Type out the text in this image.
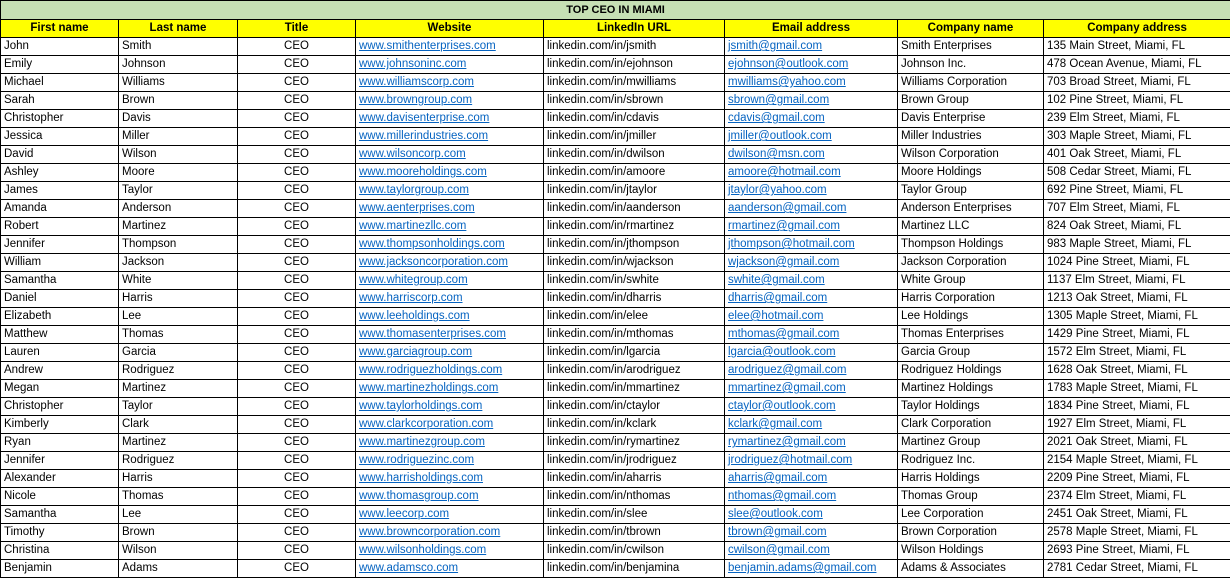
TOP CEO IN MIAMI							
First name	Last name	Title	Website	LinkedIn URL	Email address	Company name	Company address
John	Smith	CEO	www.smithenterprises.com	linkedin.com/in/jsmith	jsmith@gmail.com	Smith Enterprises	135 Main Street, Miami, FL
Emily	Johnson	CEO	www.johnsoninc.com	linkedin.com/in/ejohnson	ejohnson@outlook.com	Johnson Inc.	478 Ocean Avenue, Miami, FL
Michael	Williams	CEO	www.williamscorp.com	linkedin.com/in/mwilliams	mwilliams@yahoo.com	Williams Corporation	703 Broad Street, Miami, FL
Sarah	Brown	CEO	www.browngroup.com	linkedin.com/in/sbrown	sbrown@gmail.com	Brown Group	102 Pine Street, Miami, FL
Christopher	Davis	CEO	www.davisenterprise.com	linkedin.com/in/cdavis	cdavis@gmail.com	Davis Enterprise	239 Elm Street, Miami, FL
Jessica	Miller	CEO	www.millerindustries.com	linkedin.com/in/jmiller	jmiller@outlook.com	Miller Industries	303 Maple Street, Miami, FL
David	Wilson	CEO	www.wilsoncorp.com	linkedin.com/in/dwilson	dwilson@msn.com	Wilson Corporation	401 Oak Street, Miami, FL
Ashley	Moore	CEO	www.mooreholdings.com	linkedin.com/in/amoore	amoore@hotmail.com	Moore Holdings	508 Cedar Street, Miami, FL
James	Taylor	CEO	www.taylorgroup.com	linkedin.com/in/jtaylor	jtaylor@yahoo.com	Taylor Group	692 Pine Street, Miami, FL
Amanda	Anderson	CEO	www.aenterprises.com	linkedin.com/in/aanderson	aanderson@gmail.com	Anderson Enterprises	707 Elm Street, Miami, FL
Robert	Martinez	CEO	www.martinezllc.com	linkedin.com/in/rmartinez	rmartinez@gmail.com	Martinez LLC	824 Oak Street, Miami, FL
Jennifer	Thompson	CEO	www.thompsonholdings.com	linkedin.com/in/jthompson	jthompson@hotmail.com	Thompson Holdings	983 Maple Street, Miami, FL
William	Jackson	CEO	www.jacksoncorporation.com	linkedin.com/in/wjackson	wjackson@gmail.com	Jackson Corporation	1024 Pine Street, Miami, FL
Samantha	White	CEO	www.whitegroup.com	linkedin.com/in/swhite	swhite@gmail.com	White Group	1137 Elm Street, Miami, FL
Daniel	Harris	CEO	www.harriscorp.com	linkedin.com/in/dharris	dharris@gmail.com	Harris Corporation	1213 Oak Street, Miami, FL
Elizabeth	Lee	CEO	www.leeholdings.com	linkedin.com/in/elee	elee@hotmail.com	Lee Holdings	1305 Maple Street, Miami, FL
Matthew	Thomas	CEO	www.thomasenterprises.com	linkedin.com/in/mthomas	mthomas@gmail.com	Thomas Enterprises	1429 Pine Street, Miami, FL
Lauren	Garcia	CEO	www.garciagroup.com	linkedin.com/in/lgarcia	lgarcia@outlook.com	Garcia Group	1572 Elm Street, Miami, FL
Andrew	Rodriguez	CEO	www.rodriguezholdings.com	linkedin.com/in/arodriguez	arodriguez@gmail.com	Rodriguez Holdings	1628 Oak Street, Miami, FL
Megan	Martinez	CEO	www.martinezholdings.com	linkedin.com/in/mmartinez	mmartinez@gmail.com	Martinez Holdings	1783 Maple Street, Miami, FL
Christopher	Taylor	CEO	www.taylorholdings.com	linkedin.com/in/ctaylor	ctaylor@outlook.com	Taylor Holdings	1834 Pine Street, Miami, FL
Kimberly	Clark	CEO	www.clarkcorporation.com	linkedin.com/in/kclark	kclark@gmail.com	Clark Corporation	1927 Elm Street, Miami, FL
Ryan	Martinez	CEO	www.martinezgroup.com	linkedin.com/in/rymartinez	rymartinez@gmail.com	Martinez Group	2021 Oak Street, Miami, FL
Jennifer	Rodriguez	CEO	www.rodriguezinc.com	linkedin.com/in/jrodriguez	jrodriguez@hotmail.com	Rodriguez Inc.	2154 Maple Street, Miami, FL
Alexander	Harris	CEO	www.harrisholdings.com	linkedin.com/in/aharris	aharris@gmail.com	Harris Holdings	2209 Pine Street, Miami, FL
Nicole	Thomas	CEO	www.thomasgroup.com	linkedin.com/in/nthomas	nthomas@gmail.com	Thomas Group	2374 Elm Street, Miami, FL
Samantha	Lee	CEO	www.leecorp.com	linkedin.com/in/slee	slee@outlook.com	Lee Corporation	2451 Oak Street, Miami, FL
Timothy	Brown	CEO	www.browncorporation.com	linkedin.com/in/tbrown	tbrown@gmail.com	Brown Corporation	2578 Maple Street, Miami, FL
Christina	Wilson	CEO	www.wilsonholdings.com	linkedin.com/in/cwilson	cwilson@gmail.com	Wilson Holdings	2693 Pine Street, Miami, FL
Benjamin	Adams	CEO	www.adamsco.com	linkedin.com/in/benjamina	benjamin.adams@gmail.com	Adams & Associates	2781 Cedar Street, Miami, FL
